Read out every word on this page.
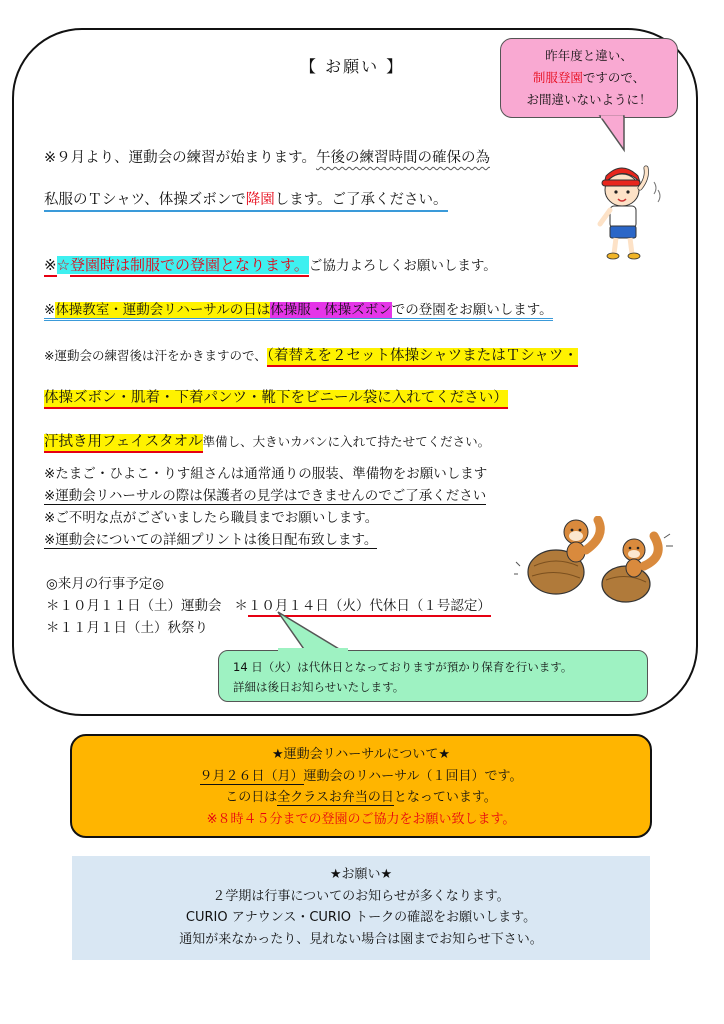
【 お願い 】
昨年度と違い、
制服登園ですので、
お間違いないように！
※９月より、運動会の練習が始まります。午後の練習時間の確保の為
私服のＴシャツ、体操ズボンで降園します。ご了承ください。
※☆登園時は制服での登園となります。ご協力よろしくお願いします。
※体操教室・運動会リハーサルの日は体操服・体操ズボンでの登園をお願いします。
※運動会の練習後は汗をかきますので、（着替えを２セット体操シャツまたはＴシャツ・
体操ズボン・肌着・下着パンツ・靴下をビニール袋に入れてください）
汗拭き用フェイスタオル準備し、大きいカバンに入れて持たせてください。
※たまご・ひよこ・りす組さんは通常通りの服装、準備物をお願いします
※運動会リハーサルの際は保護者の見学はできませんのでご了承ください
※ご不明な点がございましたら職員までお願いします。
※運動会についての詳細プリントは後日配布致します。
◎来月の行事予定◎
＊１０月１１日（土）運動会 ＊１０月１４日（火）代休日（１号認定）
＊１１月１日（土）秋祭り
14 日（火）は代休日となっておりますが預かり保育を行います。
詳細は後日お知らせいたします。
★運動会リハーサルについて★
９月２６日（月）運動会のリハーサル（１回目）です。
この日は全クラスお弁当の日となっています。
※８時４５分までの登園のご協力をお願い致します。
★お願い★
２学期は行事についてのお知らせが多くなります。
CURIO アナウンス・CURIO トークの確認をお願いします。
通知が来なかったり、見れない場合は園までお知らせ下さい。
